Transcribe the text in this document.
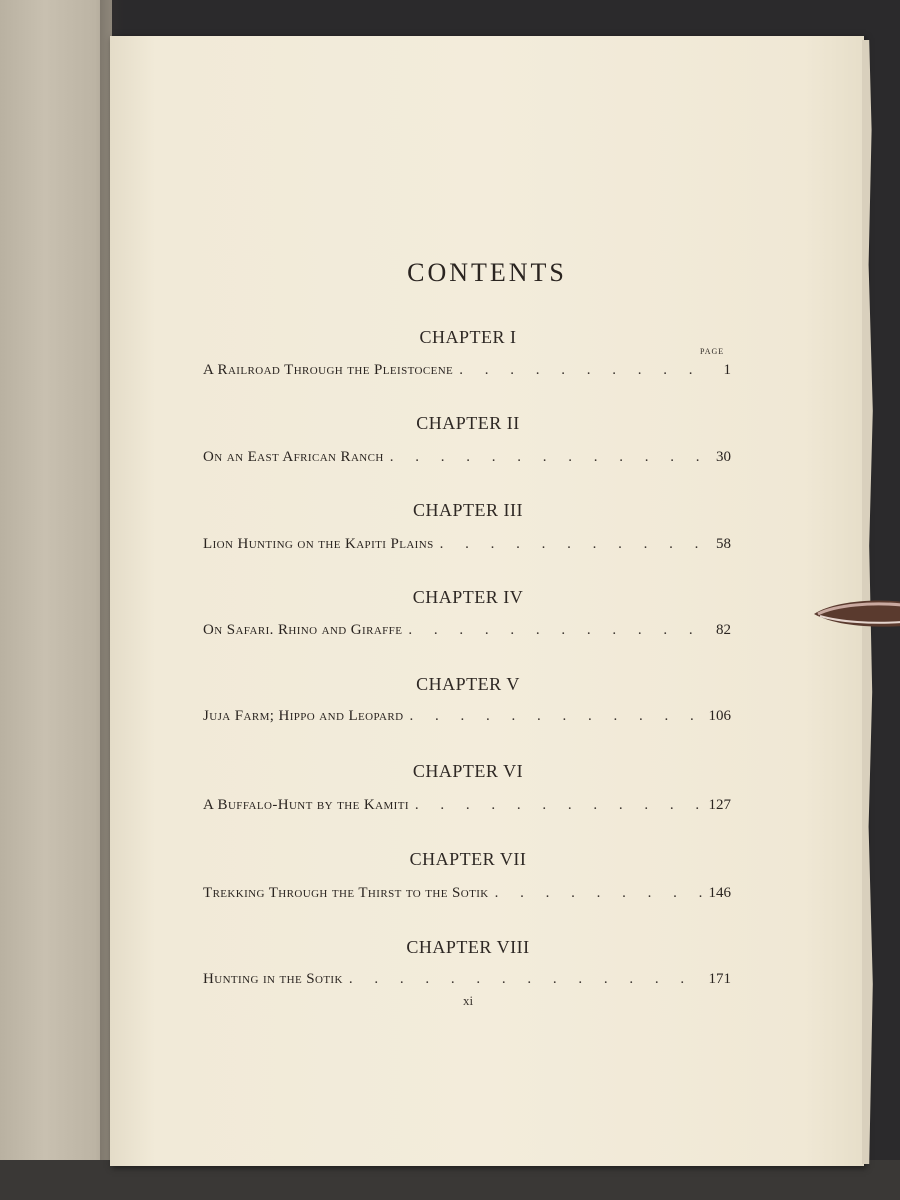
CONTENTS
PAGE
CHAPTER I
A Railroad Through the Pleistocene . . .	1
CHAPTER II
On an East African Ranch . . .	30
CHAPTER III
Lion Hunting on the Kapiti Plains . . .	58
CHAPTER IV
On Safari. Rhino and Giraffe . . .	82
CHAPTER V
Juja Farm; Hippo and Leopard . . .	106
CHAPTER VI
A Buffalo-Hunt by the Kamiti . . .	127
CHAPTER VII
Trekking Through the Thirst to the Sotik . . .	146
CHAPTER VIII
Hunting in the Sotik . . .	171
xi
